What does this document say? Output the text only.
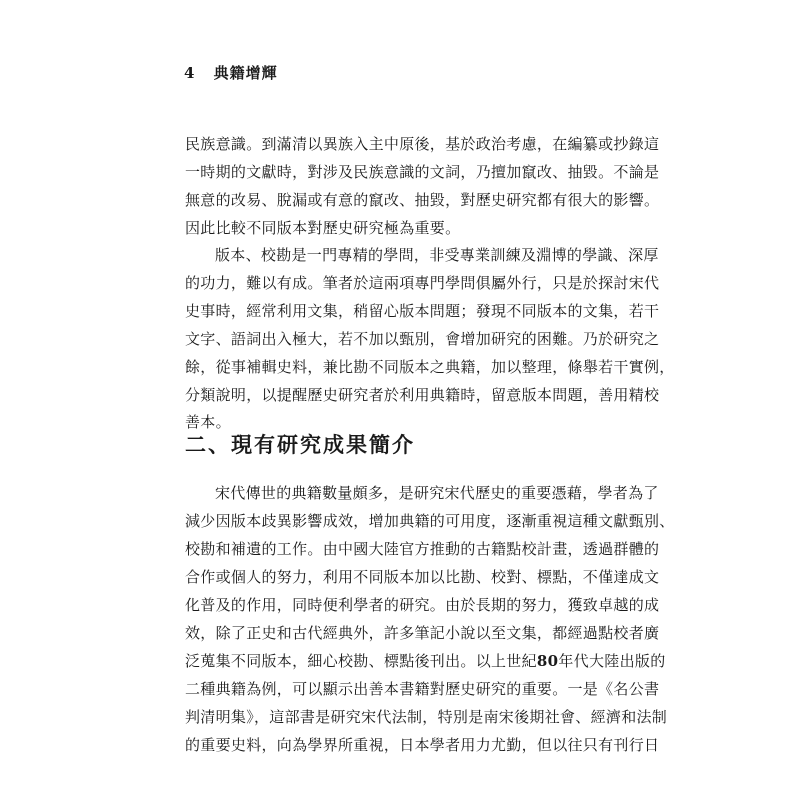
4 典籍增輝
民族意識。到滿清以異族入主中原後，基於政治考慮，在編纂或抄錄這
一時期的文獻時，對涉及民族意識的文詞，乃擅加竄改、抽毀。不論是
無意的改易、脫漏或有意的竄改、抽毀，對歷史研究都有很大的影響。
因此比較不同版本對歷史研究極為重要。
版本、校勘是一門專精的學問，非受專業訓練及淵博的學識、深厚
的功力，難以有成。筆者於這兩項專門學問俱屬外行，只是於探討宋代
史事時，經常利用文集，稍留心版本問題；發現不同版本的文集，若干
文字、語詞出入極大，若不加以甄別，會增加研究的困難。乃於研究之
餘，從事補輯史料，兼比勘不同版本之典籍，加以整理，條舉若干實例，
分類說明，以提醒歷史研究者於利用典籍時，留意版本問題，善用精校
善本。
二、現有研究成果簡介
宋代傳世的典籍數量頗多，是研究宋代歷史的重要憑藉，學者為了
減少因版本歧異影響成效，增加典籍的可用度，逐漸重視這種文獻甄別、
校勘和補遺的工作。由中國大陸官方推動的古籍點校計畫，透過群體的
合作或個人的努力，利用不同版本加以比勘、校對、標點，不僅達成文
化普及的作用，同時便利學者的研究。由於長期的努力，獲致卓越的成
效，除了正史和古代經典外，許多筆記小說以至文集，都經過點校者廣
泛蒐集不同版本，細心校勘、標點後刊出。以上世紀80年代大陸出版的
二種典籍為例，可以顯示出善本書籍對歷史研究的重要。一是《名公書
判清明集》，這部書是研究宋代法制，特別是南宋後期社會、經濟和法制
的重要史料，向為學界所重視，日本學者用力尤勤，但以往只有刊行日
